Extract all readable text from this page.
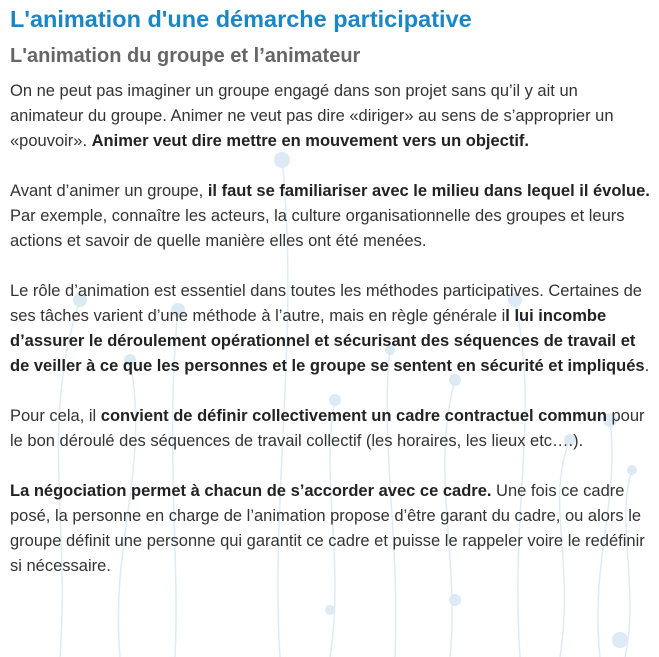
L'animation d'une démarche participative
L'animation du groupe et l’animateur

On ne peut pas imaginer un groupe engagé dans son projet sans qu’il y ait un animateur du groupe. Animer ne veut pas dire «diriger» au sens de s’approprier un «pouvoir». Animer veut dire mettre en mouvement vers un objectif.

Avant d’animer un groupe, il faut se familiariser avec le milieu dans lequel il évolue. Par exemple, connaître les acteurs, la culture organisationnelle des groupes et leurs actions et savoir de quelle manière elles ont été menées.

Le rôle d’animation est essentiel dans toutes les méthodes participatives. Certaines de ses tâches varient d’une méthode à l’autre, mais en règle générale il lui incombe d’assurer le déroulement opérationnel et sécurisant des séquences de travail et de veiller à ce que les personnes et le groupe se sentent en sécurité et impliqués.

Pour cela, il convient de définir collectivement un cadre contractuel commun pour le bon déroulé des séquences de travail collectif (les horaires, les lieux etc….).

La négociation permet à chacun de s’accorder avec ce cadre. Une fois ce cadre posé, la personne en charge de l’animation propose d’être garant du cadre, ou alors le groupe définit une personne qui garantit ce cadre et puisse le rappeler voire le redéfinir si nécessaire.
